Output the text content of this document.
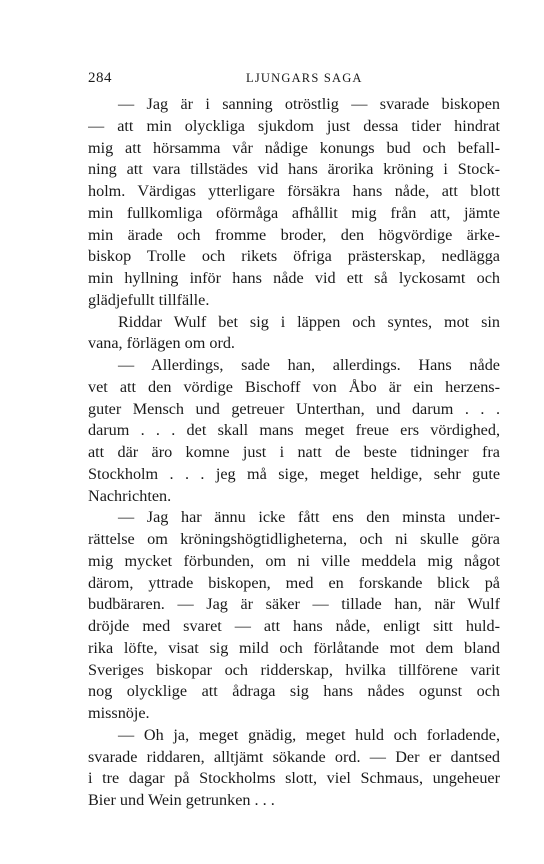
284	LJUNGARS SAGA
— Jag är i sanning otröstlig — svarade biskopen
— att min olyckliga sjukdom just dessa tider hindrat
mig att hörsamma vår nådige konungs bud och befall-
ning att vara tillstädes vid hans ärorika kröning i Stock-
holm. Värdigas ytterligare försäkra hans nåde, att blott
min fullkomliga oförmåga afhållit mig från att, jämte
min ärade och fromme broder, den högvördige ärke-
biskop Trolle och rikets öfriga prästerskap, nedlägga
min hyllning inför hans nåde vid ett så lyckosamt och
glädjefullt tillfälle.
Riddar Wulf bet sig i läppen och syntes, mot sin
vana, förlägen om ord.
— Allerdings, sade han, allerdings. Hans nåde
vet att den vördige Bischoff von Åbo är ein herzens-
guter Mensch und getreuer Unterthan, und darum . . .
darum . . . det skall mans meget freue ers vördighed,
att där äro komne just i natt de beste tidninger fra
Stockholm . . . jeg må sige, meget heldige, sehr gute
Nachrichten.
— Jag har ännu icke fått ens den minsta under-
rättelse om kröningshögtidligheterna, och ni skulle göra
mig mycket förbunden, om ni ville meddela mig något
därom, yttrade biskopen, med en forskande blick på
budbäraren. — Jag är säker — tillade han, när Wulf
dröjde med svaret — att hans nåde, enligt sitt huld-
rika löfte, visat sig mild och förlåtande mot dem bland
Sveriges biskopar och ridderskap, hvilka tillförene varit
nog olycklige att ådraga sig hans nådes ogunst och
missnöje.
— Oh ja, meget gnädig, meget huld och forladende,
svarade riddaren, alltjämt sökande ord. — Der er dantsed
i tre dagar på Stockholms slott, viel Schmaus, ungeheuer
Bier und Wein getrunken . . .
